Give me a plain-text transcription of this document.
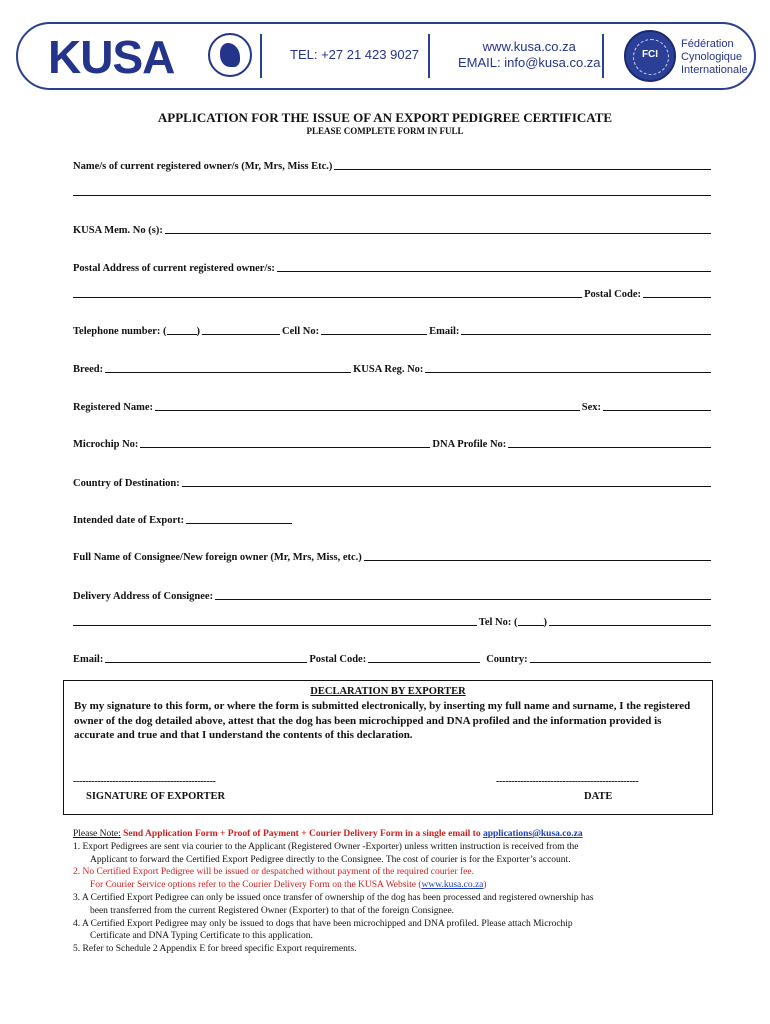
KUSA	TEL: +27 21 423 9027
www.kusa.co.za
EMAIL: info@kusa.co.za
FCI
Fédération
Cynologique
Internationale
APPLICATION FOR THE ISSUE OF AN EXPORT PEDIGREE CERTIFICATE
PLEASE COMPLETE FORM IN FULL
Name/s of current registered owner/s (Mr, Mrs, Miss Etc.)
KUSA Mem. No (s):
Postal Address of current registered owner/s:
Postal Code:
Telephone number: (	)	Cell No:	Email:
Breed:	KUSA Reg. No:
Registered Name:	Sex:
Microchip No:	DNA Profile No:
Country of Destination:
Intended date of Export:
Full Name of Consignee/New foreign owner (Mr, Mrs, Miss, etc.)
Delivery Address of Consignee:
Tel No: ( )
Email:	Postal Code:	Country:
DECLARATION BY EXPORTER
By my signature to this form, or where the form is submitted electronically, by inserting my full name and surname, I the registered owner of the dog detailed above, attest that the dog has been microchipped and DNA profiled and the information provided is accurate and true and that I understand the contents of this declaration.
-----------------------------------------------	-----------------------------------------------
SIGNATURE OF EXPORTER	DATE

Please Note: Send Application Form + Proof of Payment + Courier Delivery Form in a single email to applications@kusa.co.za

1. Export Pedigrees are sent via courier to the Applicant (Registered Owner -Exporter) unless written instruction is received from the

Applicant to forward the Certified Export Pedigree directly to the Consignee. The cost of courier is for the Exporter’s account.

2. No Certified Export Pedigree will be issued or despatched without payment of the required courier fee.

For Courier Service options refer to the Courier Delivery Form on the KUSA Website (www.kusa.co.za)

3. A Certified Export Pedigree can only be issued once transfer of ownership of the dog has been processed and registered ownership has

been transferred from the current Registered Owner (Exporter) to that of the foreign Consignee.

4. A Certified Export Pedigree may only be issued to dogs that have been microchipped and DNA profiled. Please attach Microchip

Certificate and DNA Typing Certificate to this application.

5. Refer to Schedule 2 Appendix E for breed specific Export requirements.
